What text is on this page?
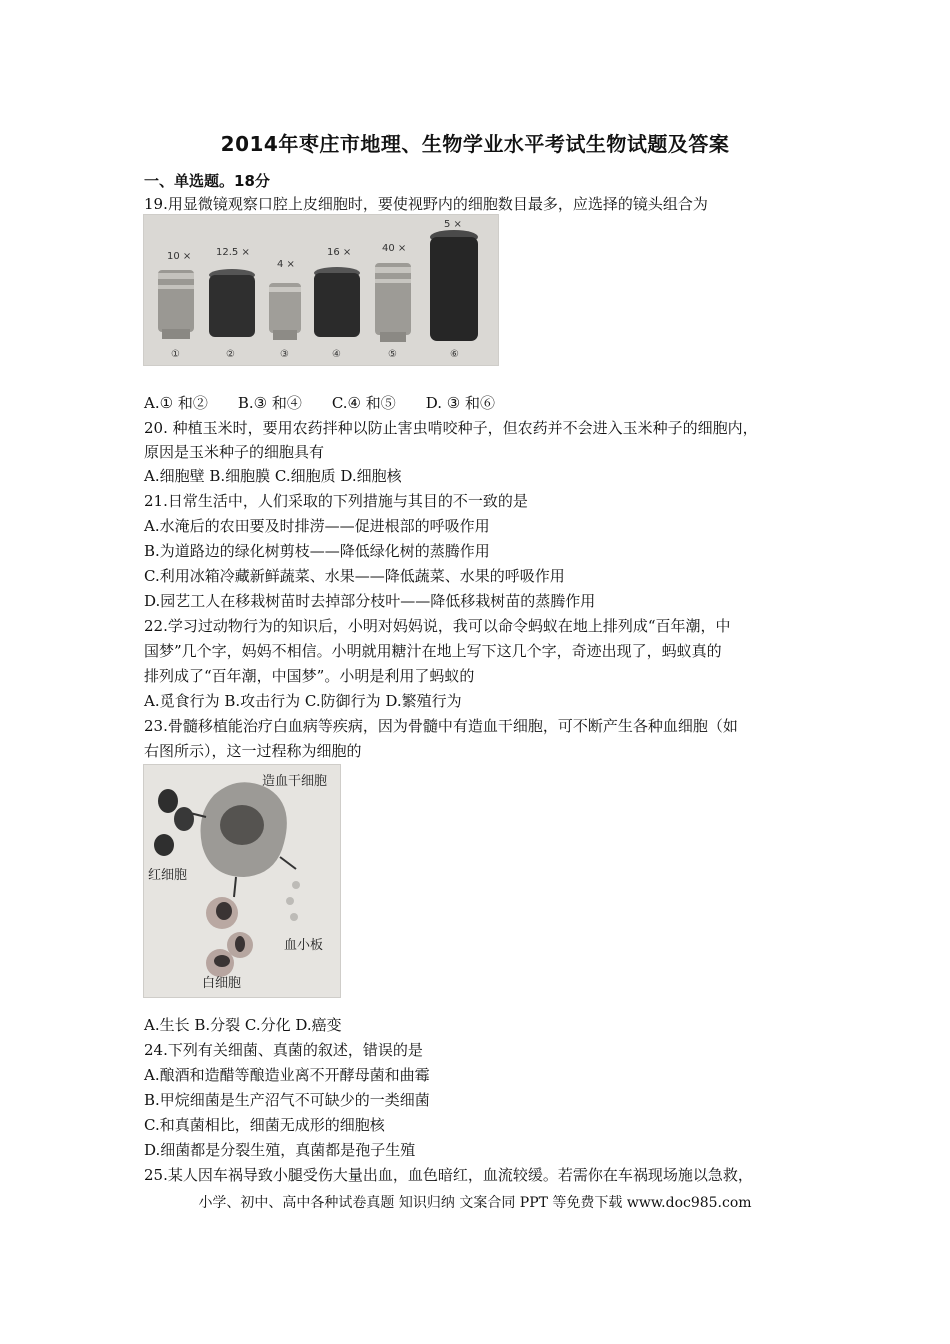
2014年枣庄市地理、生物学业水平考试生物试题及答案
一、单选题。18分
19.用显微镜观察口腔上皮细胞时，要使视野内的细胞数目最多，应选择的镜头组合为
10 × 12.5 ×
4 ×
16 ×	40 ×
5 ×
①	②	③	④	⑤	⑥
A.① 和②　　B.③ 和④　　C.④ 和⑤　　D. ③ 和⑥
20. 种植玉米时，要用农药拌种以防止害虫啃咬种子，但农药并不会进入玉米种子的细胞内，
原因是玉米种子的细胞具有
A.细胞壁 B.细胞膜 C.细胞质 D.细胞核
21.日常生活中，人们采取的下列措施与其目的不一致的是
A.水淹后的农田要及时排涝——促进根部的呼吸作用
B.为道路边的绿化树剪枝——降低绿化树的蒸腾作用
C.利用冰箱冷藏新鲜蔬菜、水果——降低蔬菜、水果的呼吸作用
D.园艺工人在移栽树苗时去掉部分枝叶——降低移栽树苗的蒸腾作用
22.学习过动物行为的知识后，小明对妈妈说，我可以命令蚂蚁在地上排列成“百年潮，中
国梦”几个字，妈妈不相信。小明就用糖汁在地上写下这几个字，奇迹出现了，蚂蚁真的
排列成了“百年潮，中国梦”。小明是利用了蚂蚁的
A.觅食行为 B.攻击行为 C.防御行为 D.繁殖行为
23.骨髓移植能治疗白血病等疾病，因为骨髓中有造血干细胞，可不断产生各种血细胞（如
右图所示），这一过程称为细胞的
造血干细胞
红细胞
血小板
白细胞
A.生长 B.分裂 C.分化 D.癌变
24.下列有关细菌、真菌的叙述，错误的是
A.酿酒和造醋等酿造业离不开酵母菌和曲霉
B.甲烷细菌是生产沼气不可缺少的一类细菌
C.和真菌相比，细菌无成形的细胞核
D.细菌都是分裂生殖，真菌都是孢子生殖
25.某人因车祸导致小腿受伤大量出血，血色暗红，血流较缓。若需你在车祸现场施以急救，
小学、初中、高中各种试卷真题 知识归纳 文案合同 PPT 等免费下载 www.doc985.com
